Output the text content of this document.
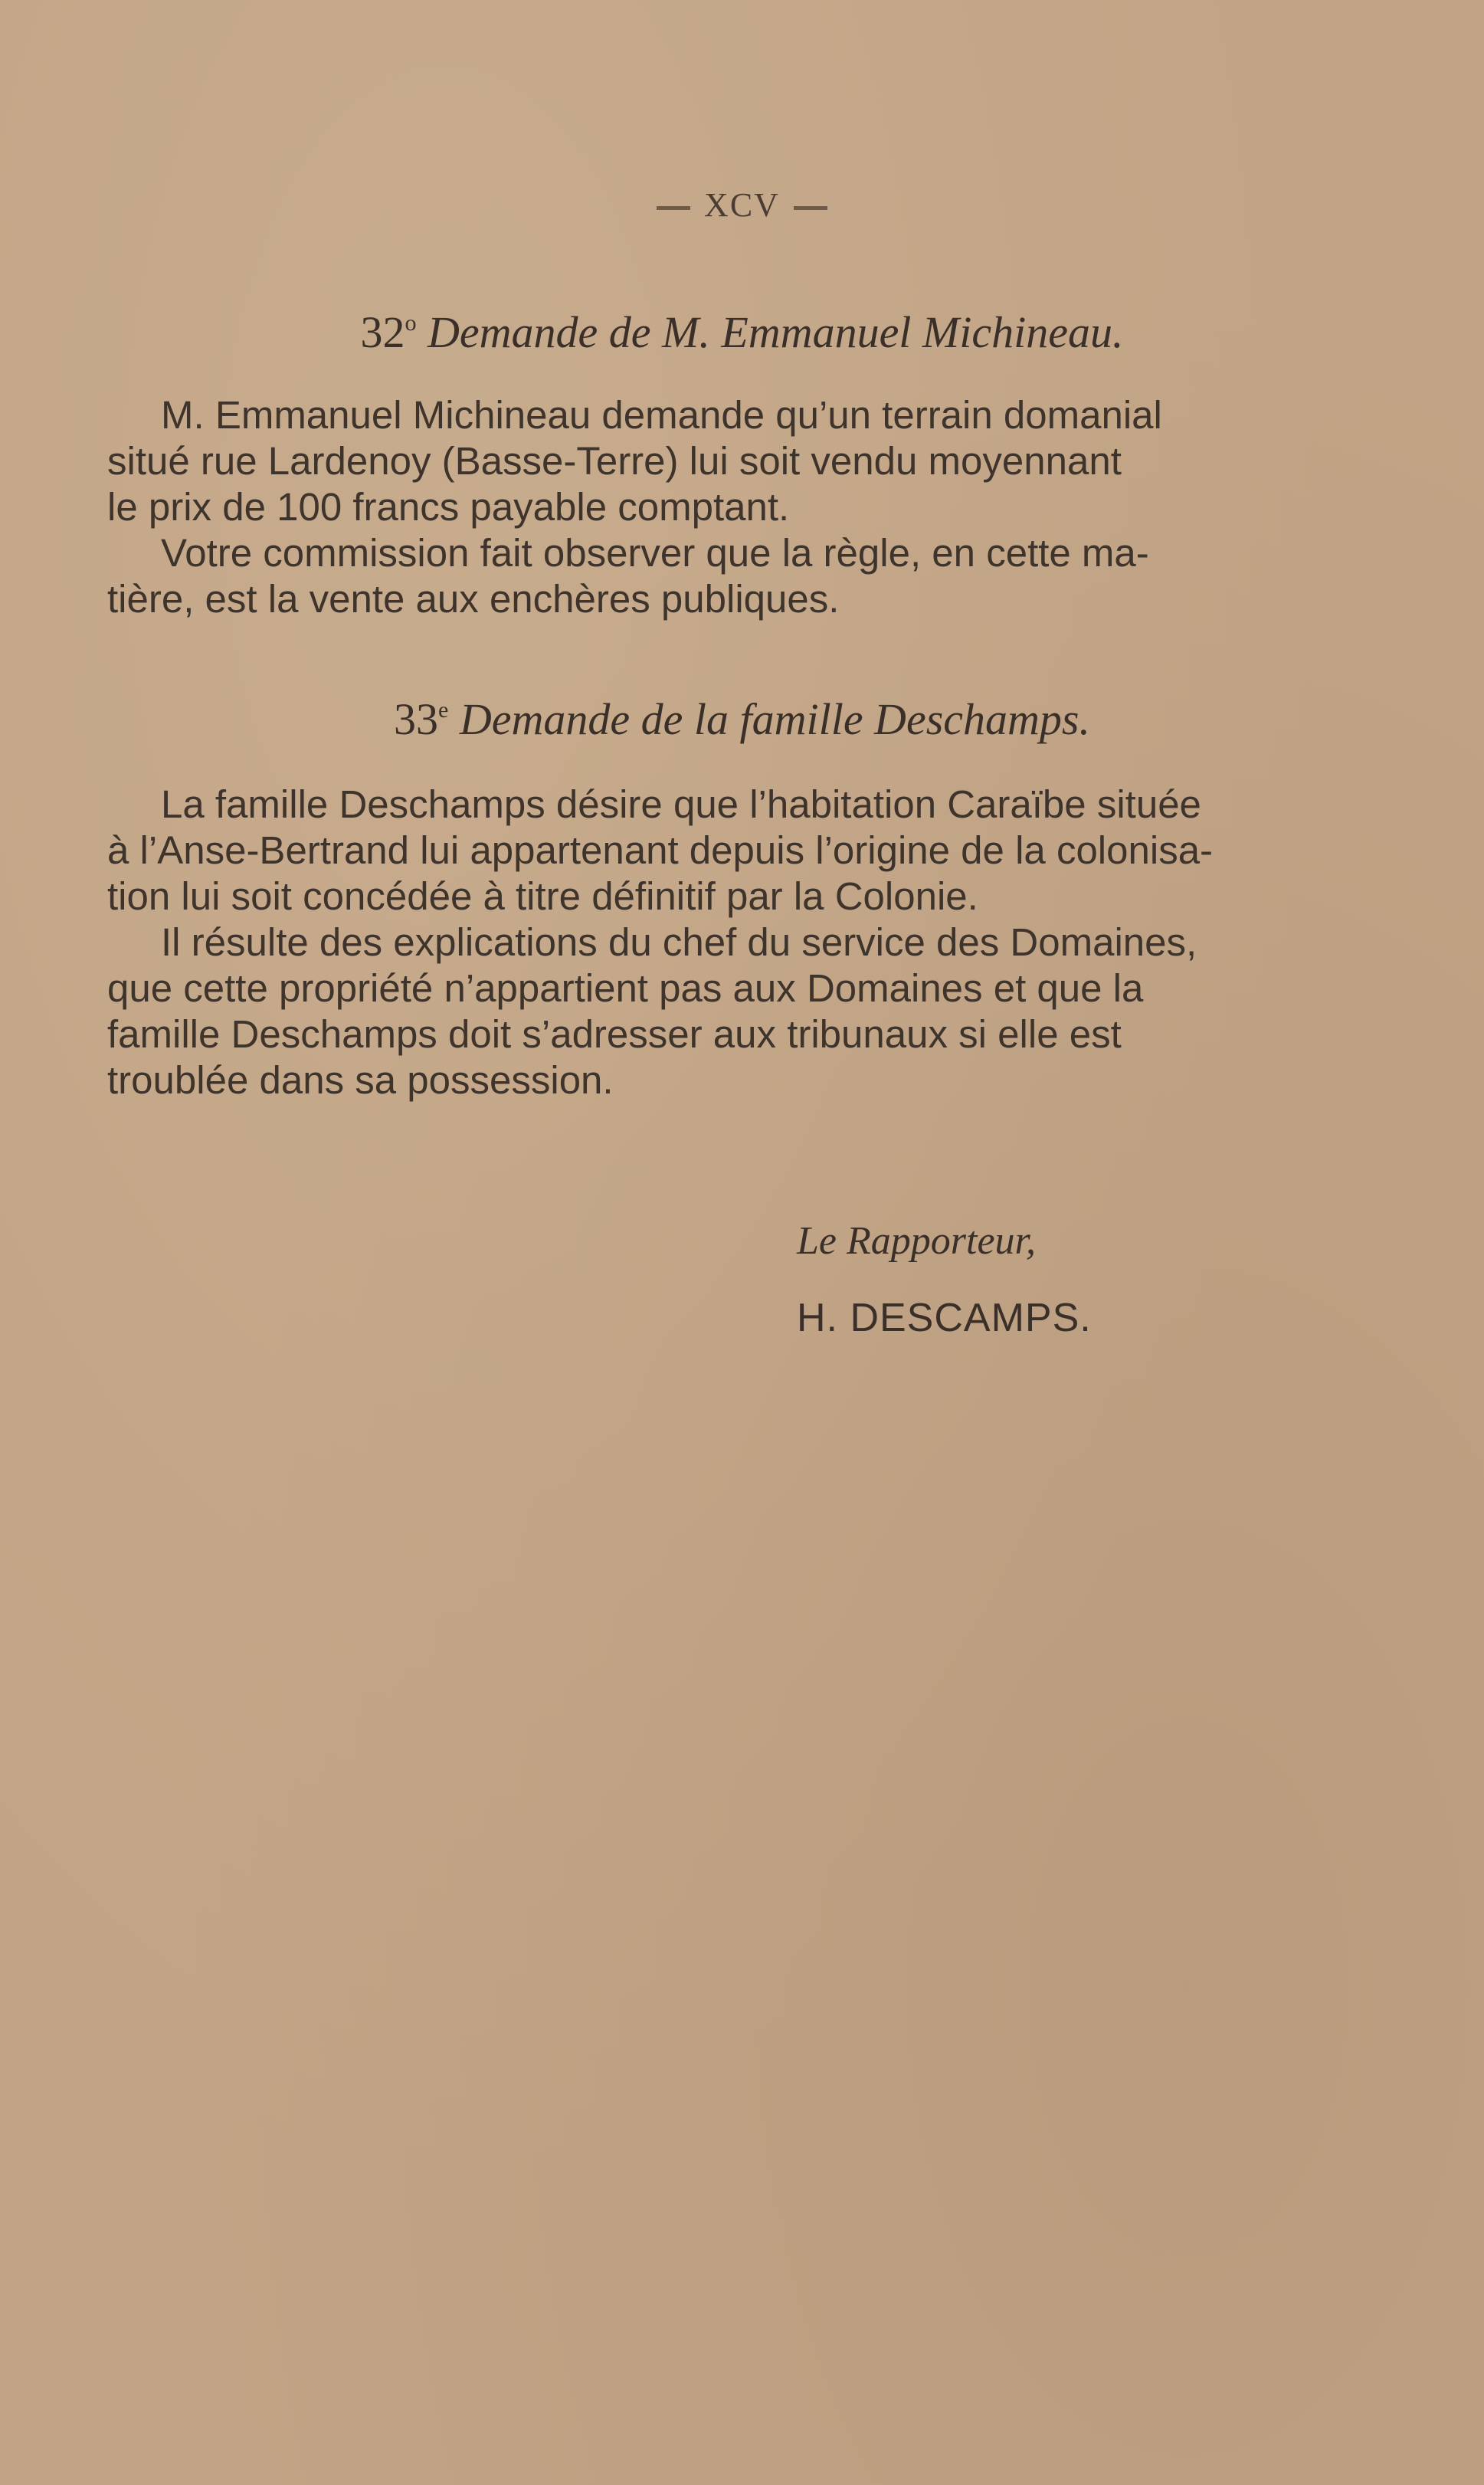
XCV
32$^o$ Demande de M. Emmanuel Michineau.
M. Emmanuel Michineau demande qu’un terrain domanial
situé rue Lardenoy (Basse-Terre) lui soit vendu moyennant
le prix de 100 francs payable comptant.
Votre commission fait observer que la règle, en cette ma-
tière, est la vente aux enchères publiques.
33e Demande de la famille Deschamps.
La famille Deschamps désire que l’habitation Caraïbe située
à l’Anse-Bertrand lui appartenant depuis l’origine de la colonisa-
tion lui soit concédée à titre définitif par la Colonie.
Il résulte des explications du chef du service des Domaines,
que cette propriété n’appartient pas aux Domaines et que la
famille Deschamps doit s’adresser aux tribunaux si elle est
troublée dans sa possession.
Le Rapporteur,
H. DESCAMPS.
